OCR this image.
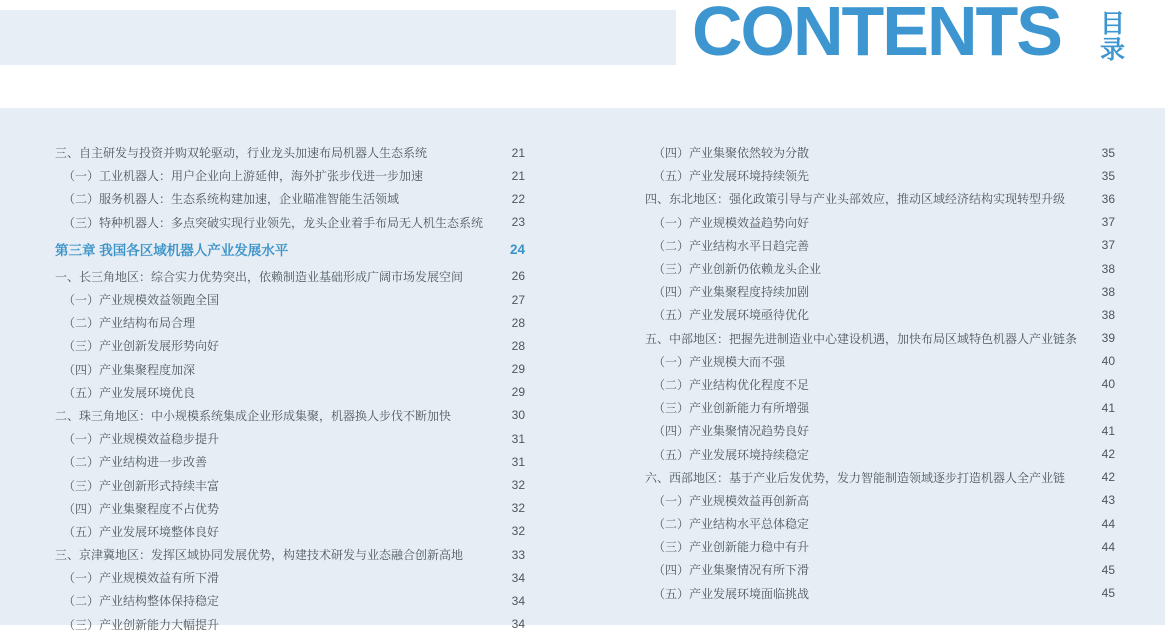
CONTENTS 目
录
三、自主研发与投资并购双轮驱动，行业龙头加速布局机器人生态系统	21
（一）工业机器人：用户企业向上游延伸，海外扩张步伐进一步加速	21
（二）服务机器人：生态系统构建加速，企业瞄准智能生活领域	22
（三）特种机器人：多点突破实现行业领先，龙头企业着手布局无人机生态系统 23
第三章 我国各区域机器人产业发展水平	24
一、长三角地区：综合实力优势突出，依赖制造业基础形成广阔市场发展空间	26
（一）产业规模效益领跑全国	27
（二）产业结构布局合理	28
（三）产业创新发展形势向好	28
（四）产业集聚程度加深	29
（五）产业发展环境优良	29
二、珠三角地区：中小规模系统集成企业形成集聚，机器换人步伐不断加快	30
（一）产业规模效益稳步提升	31
（二）产业结构进一步改善	31
（三）产业创新形式持续丰富	32
（四）产业集聚程度不占优势	32
（五）产业发展环境整体良好	32
三、京津冀地区：发挥区域协同发展优势，构建技术研发与业态融合创新高地	33
（一）产业规模效益有所下滑	34
（二）产业结构整体保持稳定	34
（三）产业创新能力大幅提升	34
（四）产业集聚依然较为分散	35
（五）产业发展环境持续领先	35
四、东北地区：强化政策引导与产业头部效应，推动区域经济结构实现转型升级	36
（一）产业规模效益趋势向好	37
（二）产业结构水平日趋完善	37
（三）产业创新仍依赖龙头企业	38
（四）产业集聚程度持续加剧	38
（五）产业发展环境亟待优化	38
五、中部地区：把握先进制造业中心建设机遇，加快布局区域特色机器人产业链条 39
（一）产业规模大而不强	40
（二）产业结构优化程度不足	40
（三）产业创新能力有所增强	41
（四）产业集聚情况趋势良好	41
（五）产业发展环境持续稳定	42
六、西部地区：基于产业后发优势，发力智能制造领域逐步打造机器人全产业链	42
（一）产业规模效益再创新高	43
（二）产业结构水平总体稳定	44
（三）产业创新能力稳中有升	44
（四）产业集聚情况有所下滑	45
（五）产业发展环境面临挑战	45
